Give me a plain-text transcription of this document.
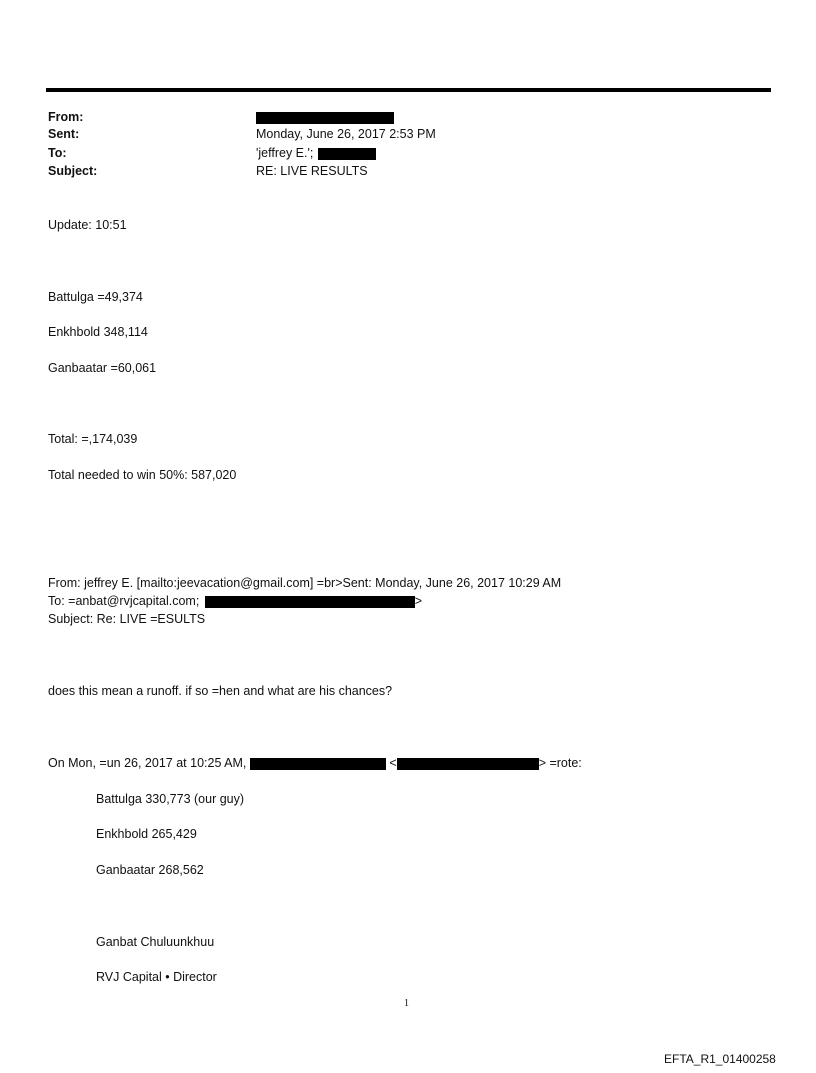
From:
Sent:	Monday, June 26, 2017 2:53 PM
To:	'jeffrey E.';
Subject:	RE: LIVE RESULTS
Update: 10:51
Battulga =49,374
Enkhbold 348,114
Ganbaatar =60,061
Total: =,174,039
Total needed to win 50%: 587,020
From: jeffrey E. [mailto:jeevacation@gmail.com] =br>Sent: Monday, June 26, 2017 10:29 AM
To: =anbat@rvjcapital.com;	>
Subject: Re: LIVE =ESULTS
does this mean a runoff. if so =hen and what are his chances?
On Mon, =un 26, 2017 at 10:25 AM,	<	> =rote:
Battulga 330,773 (our guy)
Enkhbold 265,429
Ganbaatar 268,562
Ganbat Chuluunkhuu
RVJ Capital • Director
1
EFTA_R1_01400258
